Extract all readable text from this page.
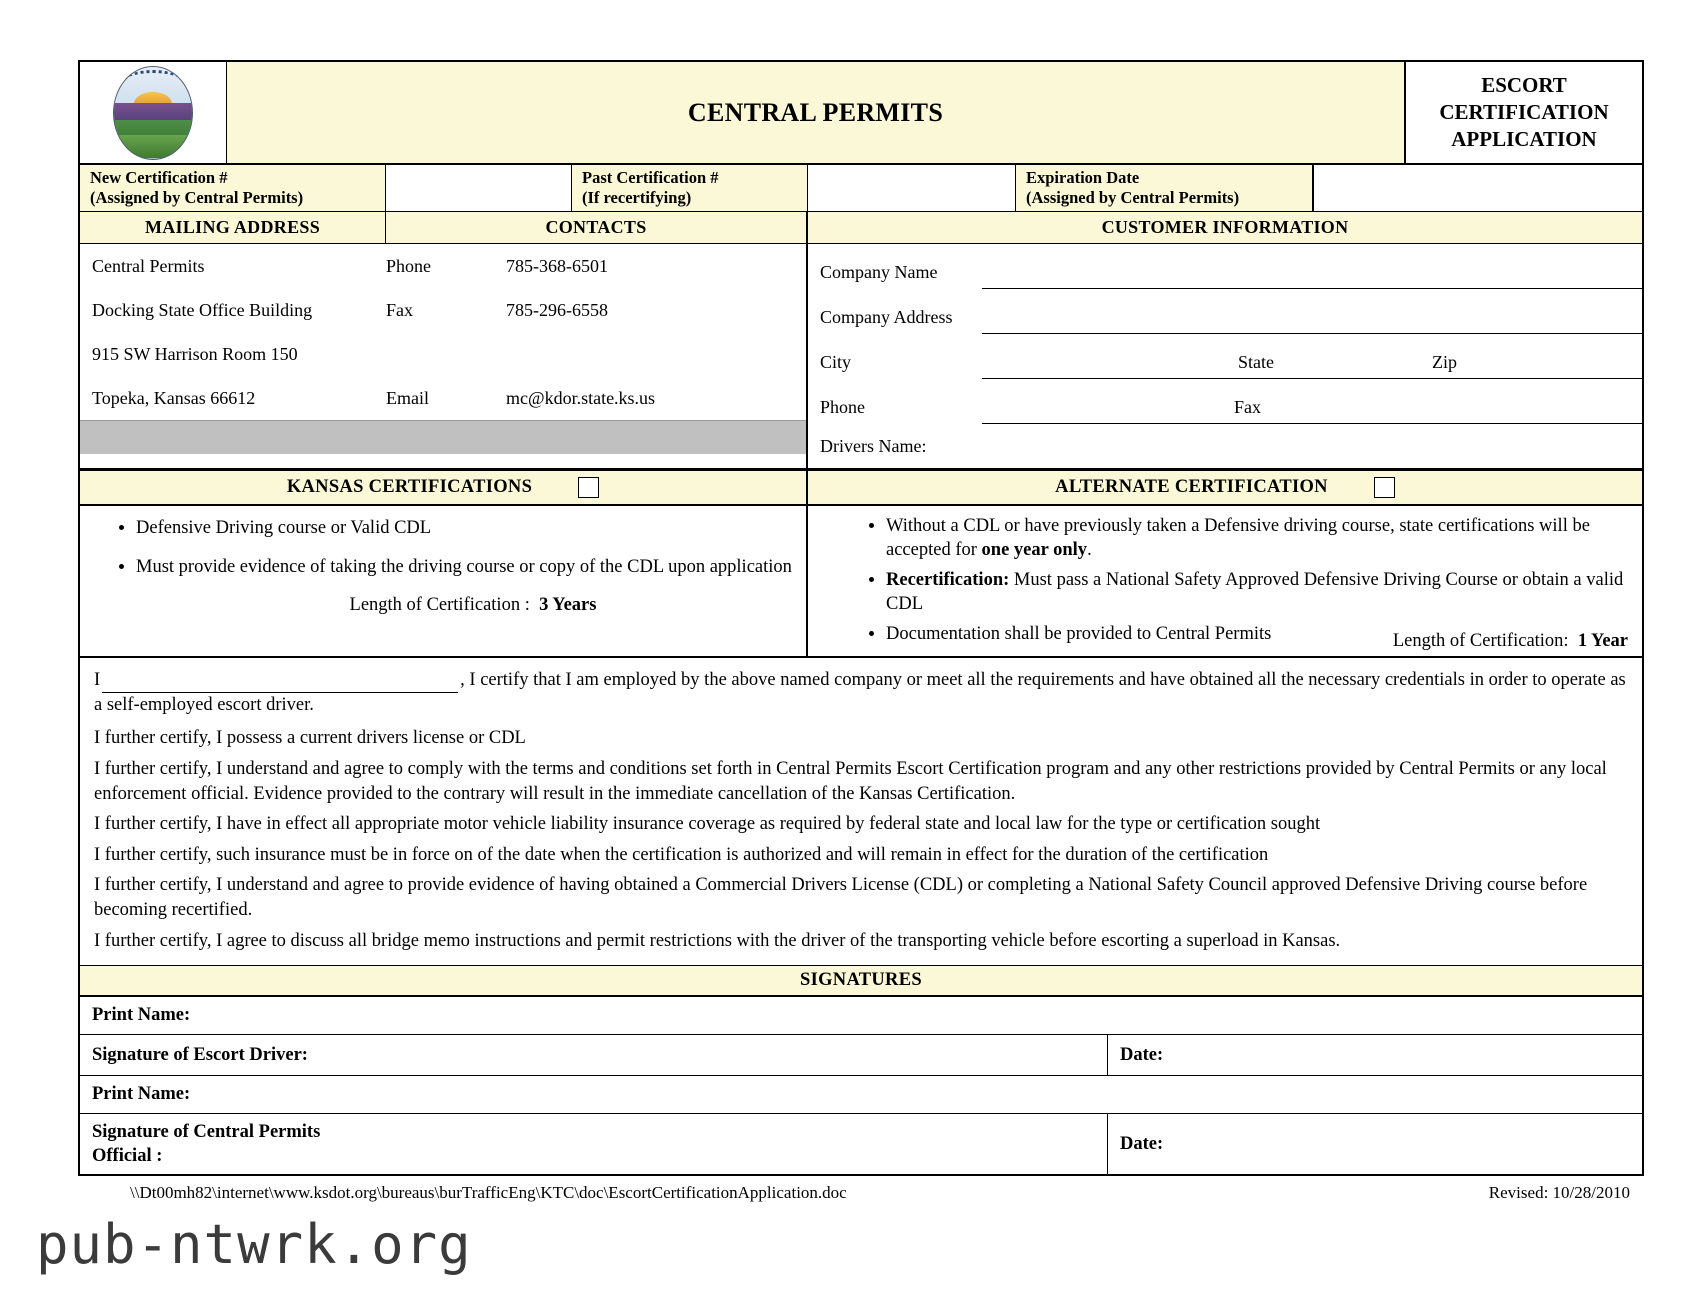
CENTRAL PERMITS
ESCORT
CERTIFICATION
APPLICATION
New Certification #
(Assigned by Central Permits)
Past Certification #
(If recertifying)
Expiration Date
(Assigned by Central Permits)
MAILING ADDRESS	CONTACTS	CUSTOMER INFORMATION
Central Permits	Phone	785-368-6501
Docking State Office Building	Fax	785-296-6558
915 SW Harrison Room 150
Topeka, Kansas 66612	Email	mc@kdor.state.ks.us
Company Name
Company Address
City	State	Zip
Phone	Fax
Drivers Name:
KANSAS CERTIFICATIONS	ALTERNATE CERTIFICATION
• Defensive Driving course or Valid CDL
• Must provide evidence of taking the driving course or copy of the CDL upon application
Length of Certification : 3 Years
• Without a CDL or have previously taken a Defensive driving course, state certifications will be accepted for one year only.
• Recertification: Must pass a National Safety Approved Defensive Driving Course or obtain a valid CDL
• Documentation shall be provided to Central Permits	Length of Certification: 1 Year

I	, I certify that I am employed by the above named company or meet all the requirements and have obtained all the necessary credentials in order to operate as a self-employed escort driver.

I further certify, I possess a current drivers license or CDL

I further certify, I understand and agree to comply with the terms and conditions set forth in Central Permits Escort Certification program and any other restrictions provided by Central Permits or any local enforcement official. Evidence provided to the contrary will result in the immediate cancellation of the Kansas Certification.

I further certify, I have in effect all appropriate motor vehicle liability insurance coverage as required by federal state and local law for the type or certification sought

I further certify, such insurance must be in force on of the date when the certification is authorized and will remain in effect for the duration of the certification

I further certify, I understand and agree to provide evidence of having obtained a Commercial Drivers License (CDL) or completing a National Safety Council approved Defensive Driving course before becoming recertified.

I further certify, I agree to discuss all bridge memo instructions and permit restrictions with the driver of the transporting vehicle before escorting a superload in Kansas.

SIGNATURES
Print Name:
Signature of Escort Driver:	Date:
Print Name:
Signature of Central Permits
Official :
Date:
\\Dt00mh82\internet\www.ksdot.org\bureaus\burTrafficEng\KTC\doc\EscortCertificationApplication.doc	Revised: 10/28/2010
pub-ntwrk.org
